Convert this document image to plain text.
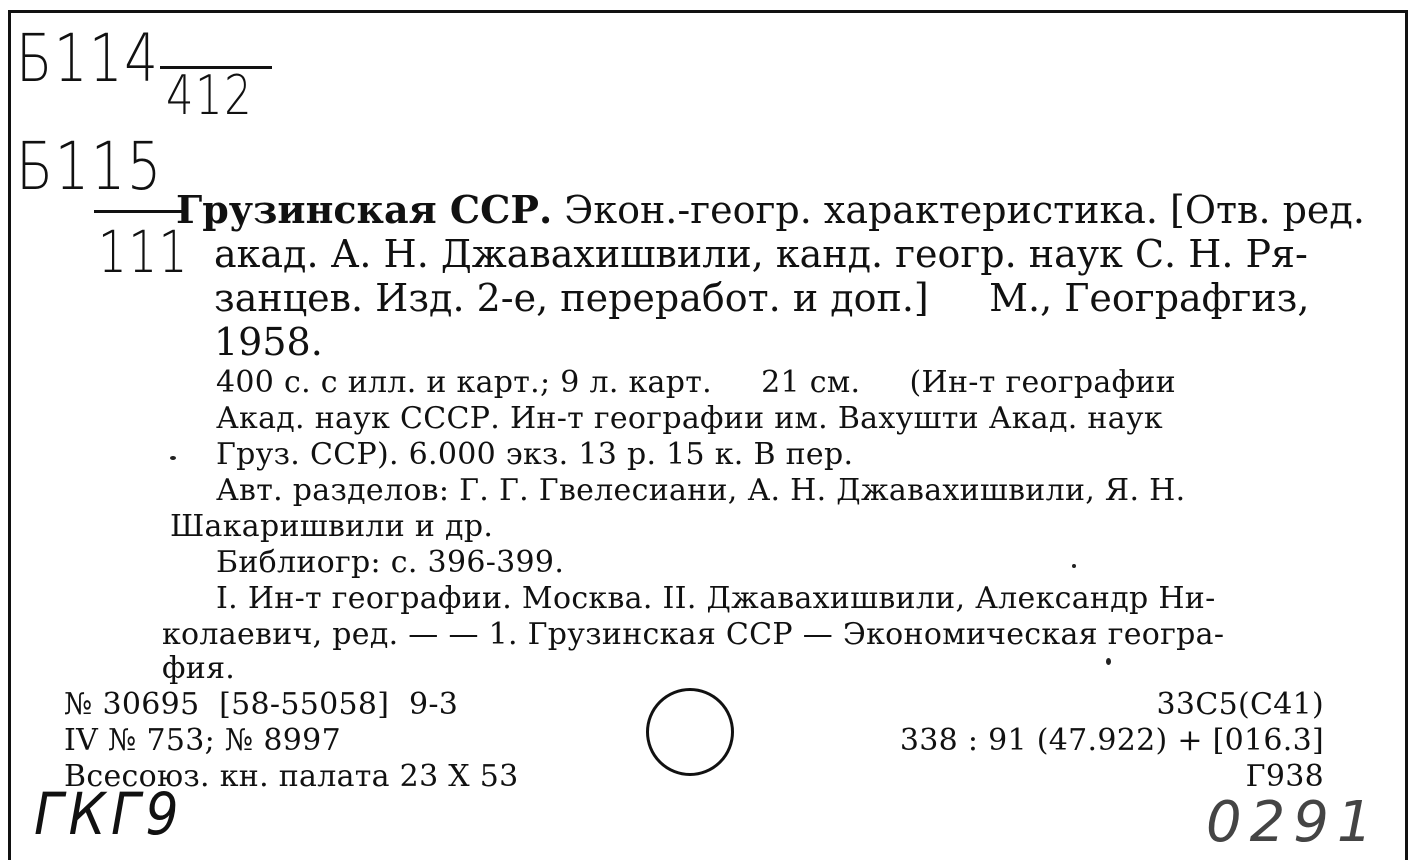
Б114 412
Б115
111
Грузинская ССР. Экон.-геогр. характеристика. [Отв. ред.
акад. А. Н. Джавахишвили, канд. геогр. наук С. Н. Ря-
занцев. Изд. 2-е, переработ. и доп.]     М., Географгиз,
1958.
400 с. с илл. и карт.; 9 л. карт.     21 см.     (Ин-т географии
Акад. наук СССР. Ин-т географии им. Вахушти Акад. наук
Груз. ССР). 6.000 экз. 13 р. 15 к. В пер.
Авт. разделов: Г. Г. Гвелесиани, А. Н. Джавахишвили, Я. Н.
Шакаришвили и др.
Библиогр: с. 396-399.
I. Ин-т географии. Москва. II. Джавахишвили, Александр Ни-
колаевич, ред. — — 1. Грузинская ССР — Экономическая геогра-
фия.
№ 30695  [58-55058]  9-3
IV № 753; № 8997
Всесоюз. кн. палата 23 X 53
33С5(С41)
338 : 91 (47.922) + [016.3]
Г938
ГКГ9	0291
